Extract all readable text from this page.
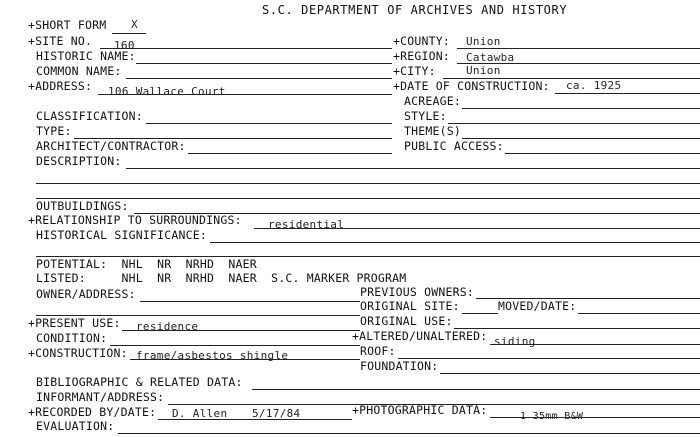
S.C. DEPARTMENT OF ARCHIVES AND HISTORY
+SHORT FORM X
+SITE NO. 160	+COUNTY: Union
HISTORIC NAME:	+REGION: Catawba
COMMON NAME:	+CITY:	Union
+ADDRESS: 106 Wallace Court	+DATE OF CONSTRUCTION: ca. 1925
ACREAGE:
CLASSIFICATION:	STYLE:
TYPE:	THEME(S)
ARCHITECT/CONTRACTOR:	PUBLIC ACCESS:
DESCRIPTION:
OUTBUILDINGS:
+RELATIONSHIP TO SURROUNDINGS: residential
HISTORICAL SIGNIFICANCE:
POTENTIAL:  NHL  NR  NRHD  NAER
LISTED:     NHL  NR  NRHD  NAER  S.C. MARKER PROGRAM
OWNER/ADDRESS:	PREVIOUS OWNERS:
ORIGINAL SITE:	MOVED/DATE:
+PRESENT USE: residence	ORIGINAL USE:
CONDITION:	+ALTERED/UNALTERED: siding
+CONSTRUCTION: frame/asbestos shingle	ROOF:
FOUNDATION:
BIBLIOGRAPHIC & RELATED DATA:
INFORMANT/ADDRESS:
+RECORDED BY/DATE: D. Allen 5/17/84	+PHOTOGRAPHIC DATA:	1 35mm B&W
EVALUATION:
